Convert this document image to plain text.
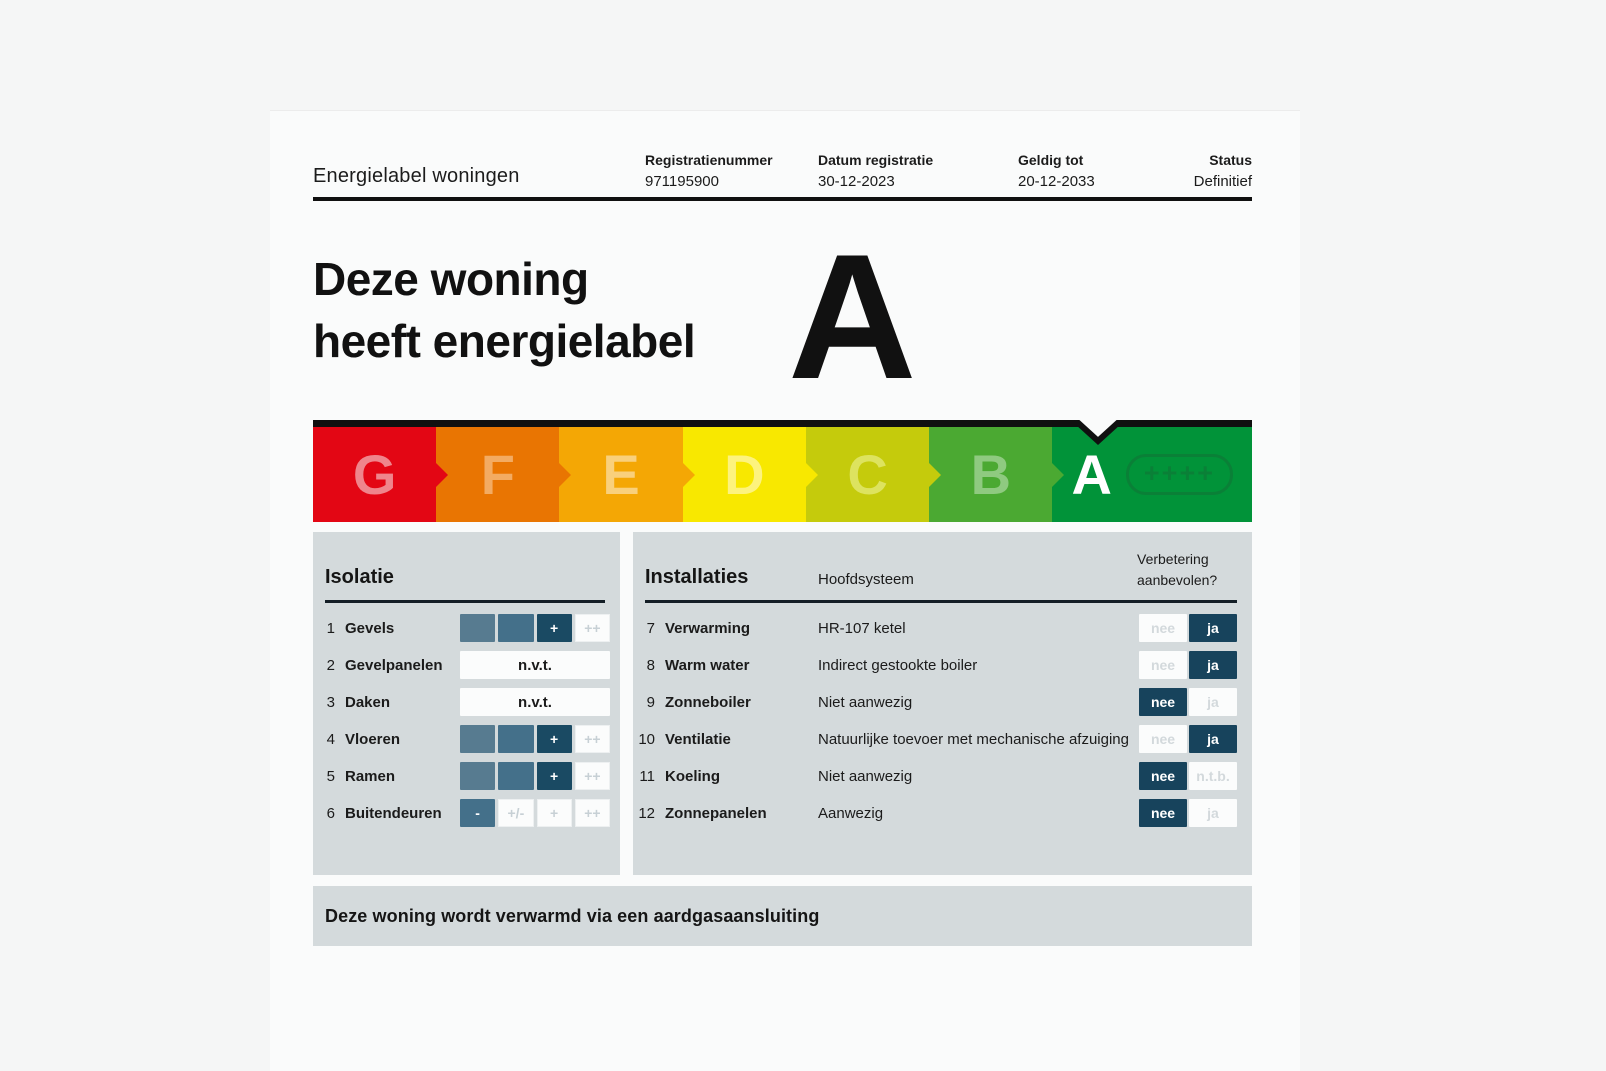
Energielabel woningen
Registratienummer
971195900
Datum registratie
30-12-2023
Geldig tot
20-12-2033
Status
Definitief
Deze woning
heeft energielabel A
G F E D C B A	++++
Isolatie
1 Gevels	+	++
2 Gevelpanelen	n.v.t.
3 Daken	n.v.t.
4 Vloeren	+	++
5 Ramen	+	++
6 Buitendeuren	-	+/-	+	++
Installaties	Hoofdsysteem
Verbetering
aanbevolen?
7 Verwarming	HR-107 ketel	nee	ja
8 Warm water	Indirect gestookte boiler	nee	ja
9 Zonneboiler	Niet aanwezig	nee	ja
10 Ventilatie	Natuurlijke toevoer met mechanische afzuiging	nee	ja
11 Koeling	Niet aanwezig	nee	n.t.b.
12 Zonnepanelen	Aanwezig	nee	ja
Deze woning wordt verwarmd via een aardgasaansluiting
